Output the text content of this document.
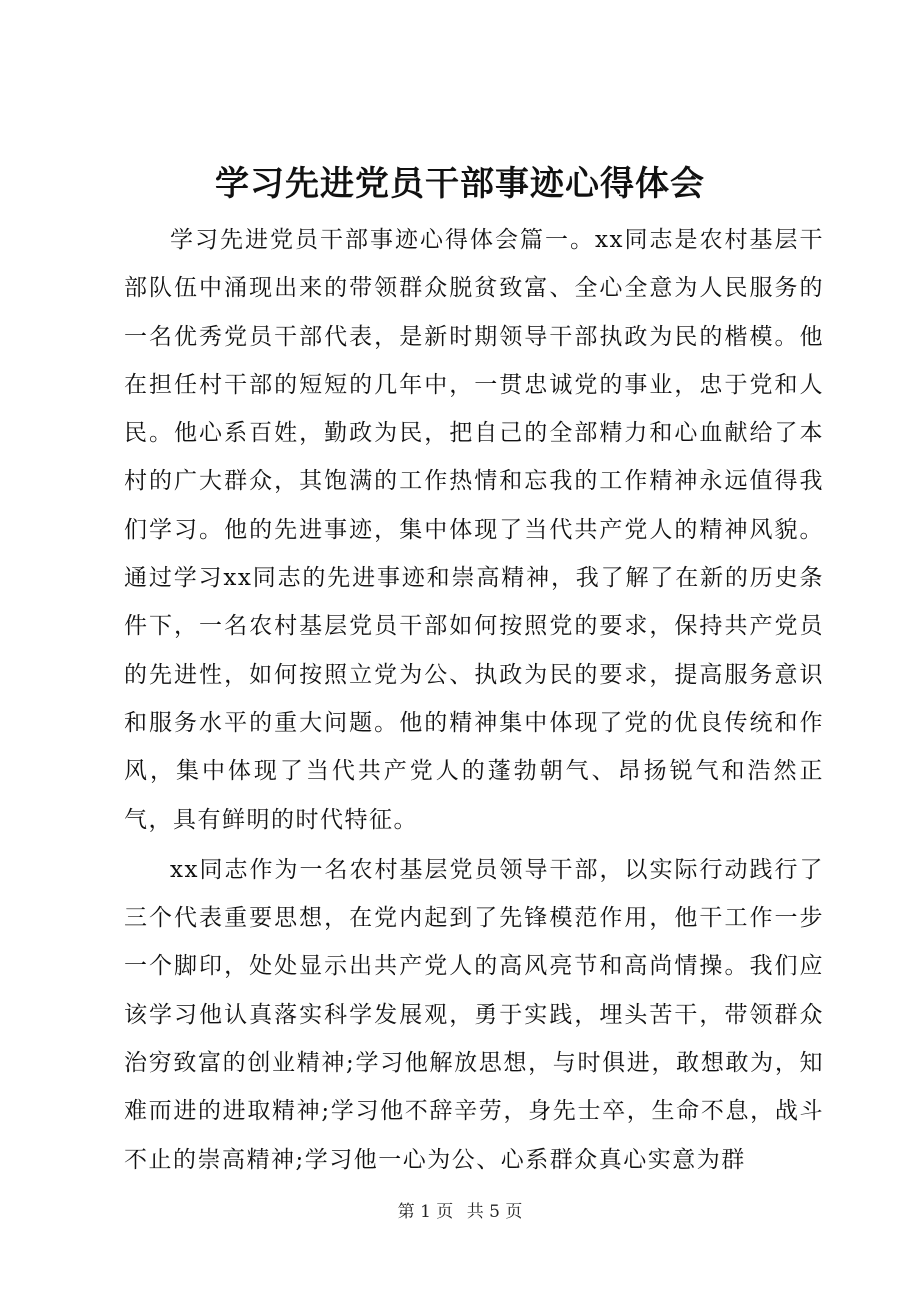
学习先进党员干部事迹心得体会

学习先进党员干部事迹心得体会篇一。xx同志是农村基层干部队伍中涌现出来的带领群众脱贫致富、全心全意为人民服务的一名优秀党员干部代表，是新时期领导干部执政为民的楷模。他在担任村干部的短短的几年中，一贯忠诚党的事业，忠于党和人民。他心系百姓，勤政为民，把自己的全部精力和心血献给了本村的广大群众，其饱满的工作热情和忘我的工作精神永远值得我们学习。他的先进事迹，集中体现了当代共产党人的精神风貌。通过学习xx同志的先进事迹和崇高精神，我了解了在新的历史条件下，一名农村基层党员干部如何按照党的要求，保持共产党员的先进性，如何按照立党为公、执政为民的要求，提高服务意识和服务水平的重大问题。他的精神集中体现了党的优良传统和作风，集中体现了当代共产党人的蓬勃朝气、昂扬锐气和浩然正气，具有鲜明的时代特征。

xx同志作为一名农村基层党员领导干部，以实际行动践行了三个代表重要思想，在党内起到了先锋模范作用，他干工作一步一个脚印，处处显示出共产党人的高风亮节和高尚情操。我们应该学习他认真落实科学发展观，勇于实践，埋头苦干，带领群众治穷致富的创业精神;学习他解放思想，与时俱进，敢想敢为，知难而进的进取精神;学习他不辞辛劳，身先士卒，生命不息，战斗不止的崇高精神;学习他一心为公、心系群众真心实意为群

第 1 页 共 5 页
